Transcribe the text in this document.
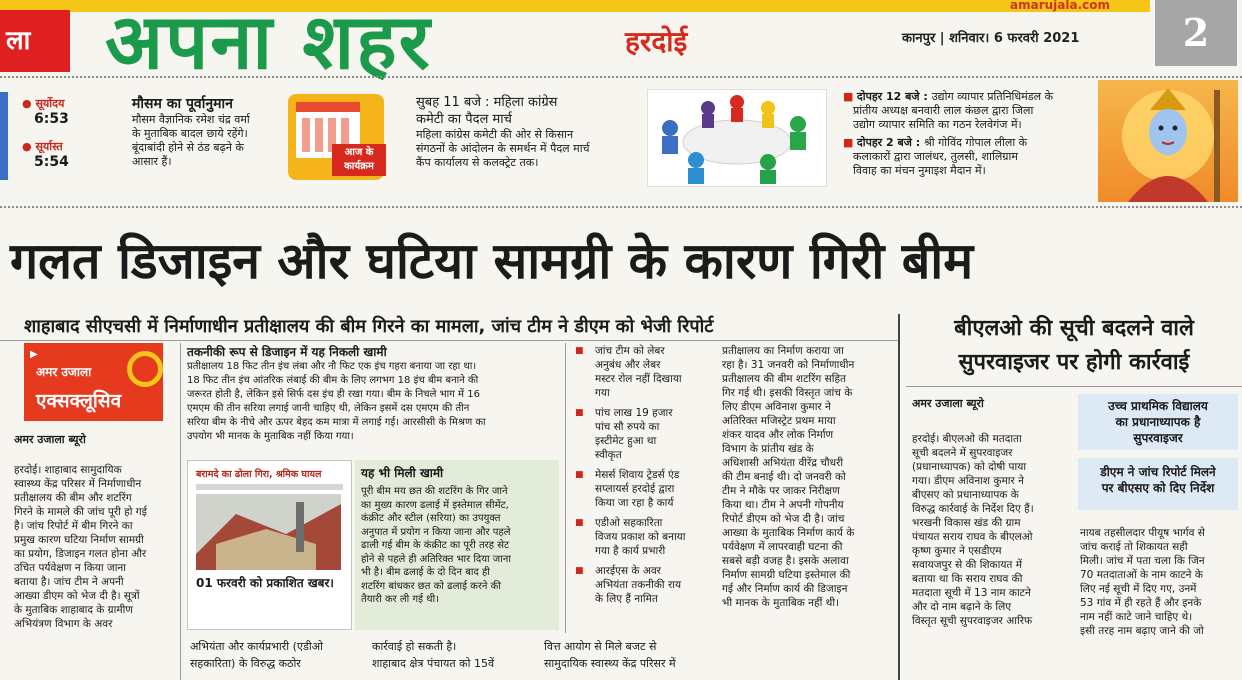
amarujala.com
ला अपना शहर	हरदोई	कानपुर | शनिवार। 6 फरवरी 2021	2
● सूर्योदय
6:53
● सूर्यास्त
5:54
मौसम का पूर्वानुमान
मौसम वैज्ञानिक रमेश चंद्र वर्मा
के मुताबिक बादल छाये रहेंगे।
बूंदाबांदी होने से ठंड बढ़ने के
आसार हैं।
आज के
कार्यक्रम
सुबह 11 बजे : महिला कांग्रेस
कमेटी का पैदल मार्च
महिला कांग्रेस कमेटी की ओर से किसान
संगठनों के आंदोलन के समर्थन में पैदल मार्च
कैंप कार्यालय से कलक्ट्रेट तक।
■ दोपहर 12 बजे : उद्योग व्यापार प्रतिनिधिमंडल के
प्रांतीय अध्यक्ष बनवारी लाल कंछल द्वारा जिला
उद्योग व्यापार समिति का गठन रेलवेगंज में।
■ दोपहर 2 बजे : श्री गोविंद गोपाल लीला के
कलाकारों द्वारा जालंधर, तुलसी, शालिग्राम
विवाह का मंचन नुमाइश मैदान में।
गलत डिजाइन और घटिया सामग्री के कारण गिरी बीम
शाहाबाद सीएचसी में निर्माणाधीन प्रतीक्षालय की बीम गिरने का मामला, जांच टीम ने डीएम को भेजी रिपोर्ट
▶
अमर उजाला
एक्सक्लूसिव
अमर उजाला ब्यूरो
हरदोई। शाहाबाद सामुदायिक
स्वास्थ्य केंद्र परिसर में निर्माणाधीन
प्रतीक्षालय की बीम और शटरिंग
गिरने के मामले की जांच पूरी हो गई
है। जांच रिपोर्ट में बीम गिरने का
प्रमुख कारण घटिया निर्माण सामग्री
का प्रयोग, डिजाइन गलत होना और
उचित पर्यवेक्षण न किया जाना
बताया है। जांच टीम ने अपनी
आख्या डीएम को भेज दी है। सूत्रों
के मुताबिक शाहाबाद के ग्रामीण
अभियंत्रण विभाग के अवर
तकनीकी रूप से डिजाइन में यह निकली खामी
प्रतीक्षालय 18 फिट तीन इंच लंबा और नौ फिट एक इंच गहरा बनाया जा रहा था।
18 फिट तीन इंच आंतरिक लंबाई की बीम के लिए लगभग 18 इंच बीम बनाने की
जरूरत होती है, लेकिन इसे सिर्फ दस इंच ही रखा गया। बीम के निचले भाग में 16
एमएम की तीन सरिया लगाई जानी चाहिए थी, लेकिन इसमें दस एमएम की तीन
सरिया बीम के नीचे और ऊपर बेहद कम मात्रा में लगाई गई। आरसीसी के मिश्रण का
उपयोग भी मानक के मुताबिक नहीं किया गया।
बरामदे का ढोला गिरा, श्रमिक घायल
01 फरवरी को प्रकाशित खबर।
यह भी मिली खामी
पूरी बीम मय छत की शटरिंग के गिर जाने
का मुख्य कारण ढलाई में इस्तेमाल सीमेंट,
कंक्रीट और स्टील (सरिया) का उपयुक्त
अनुपात में प्रयोग न किया जाना और पहले
ढाली गई बीम के कंक्रीट का पूरी तरह सेट
होने से पहले ही अतिरिक्त भार दिया जाना
भी है। बीम ढलाई के दो दिन बाद ही
शटरिंग बांधकर छत को ढलाई करने की
तैयारी कर ली गई थी।
अभियंता और कार्यप्रभारी (एडीओ
सहकारिता) के विरुद्ध कठोर
कार्रवाई हो सकती है।
शाहाबाद क्षेत्र पंचायत को 15वें
वित्त आयोग से मिले बजट से
सामुदायिक स्वास्थ्य केंद्र परिसर में
■ जांच टीम को लेबर
अनुबंध और लेबर
मस्टर रोल नहीं दिखाया
गया
■ पांच लाख 19 हजार
पांच सौ रुपये का
इस्टीमेट हुआ था
स्वीकृत
■ मेसर्स शिवाय ट्रेडर्स एंड
सप्लायर्स हरदोई द्वारा
किया जा रहा है कार्य
■ एडीओ सहकारिता
विजय प्रकाश को बनाया
गया है कार्य प्रभारी
■ आरईएस के अवर
अभियंता तकनीकी राय
के लिए हैं नामित
प्रतीक्षालय का निर्माण कराया जा
रहा है। 31 जनवरी को निर्माणाधीन
प्रतीक्षालय की बीम शटरिंग सहित
गिर गई थी। इसकी विस्तृत जांच के
लिए डीएम अविनाश कुमार ने
अतिरिक्त मजिस्ट्रेट प्रथम माया
शंकर यादव और लोक निर्माण
विभाग के प्रांतीय खंड के
अधिशासी अभियंता वीरेंद्र चौधरी
की टीम बनाई थी। दो जनवरी को
टीम ने मौके पर जाकर निरीक्षण
किया था। टीम ने अपनी गोपनीय
रिपोर्ट डीएम को भेज दी है। जांच
आख्या के मुताबिक निर्माण कार्य के
पर्यवेक्षण में लापरवाही घटना की
सबसे बड़ी वजह है। इसके अलावा
निर्माण सामग्री घटिया इस्तेमाल की
गई और निर्माण कार्य की डिजाइन
भी मानक के मुताबिक नहीं थी।
बीएलओ की सूची बदलने वाले
सुपरवाइजर पर होगी कार्रवाई
अमर उजाला ब्यूरो
हरदोई। बीएलओ की मतदाता
सूची बदलने में सुपरवाइजर
(प्रधानाध्यापक) को दोषी पाया
गया। डीएम अविनाश कुमार ने
बीएसए को प्रधानाध्यापक के
विरुद्ध कार्रवाई के निर्देश दिए हैं।
भरखनी विकास खंड की ग्राम
पंचायत सराय राघव के बीएलओ
कृष्ण कुमार ने एसडीएम
सवायजपुर से की शिकायत में
बताया था कि सराय राघव की
मतदाता सूची में 13 नाम काटने
और दो नाम बढ़ाने के लिए
विस्तृत सूची सुपरवाइजर आरिफ
उच्च प्राथमिक विद्यालय
का प्रधानाध्यापक है
सुपरवाइजर
डीएम ने जांच रिपोर्ट मिलने
पर बीएसए को दिए निर्देश
नायब तहसीलदार पीयूष भार्गव से
जांच कराई तो शिकायत सही
मिली। जांच में पता चला कि जिन
70 मतदाताओं के नाम काटने के
लिए नई सूची में दिए गए, उनमें
53 गांव में ही रहते हैं और इनके
नाम नहीं काटे जाने चाहिए थे।
इसी तरह नाम बढ़ाए जाने की जो
